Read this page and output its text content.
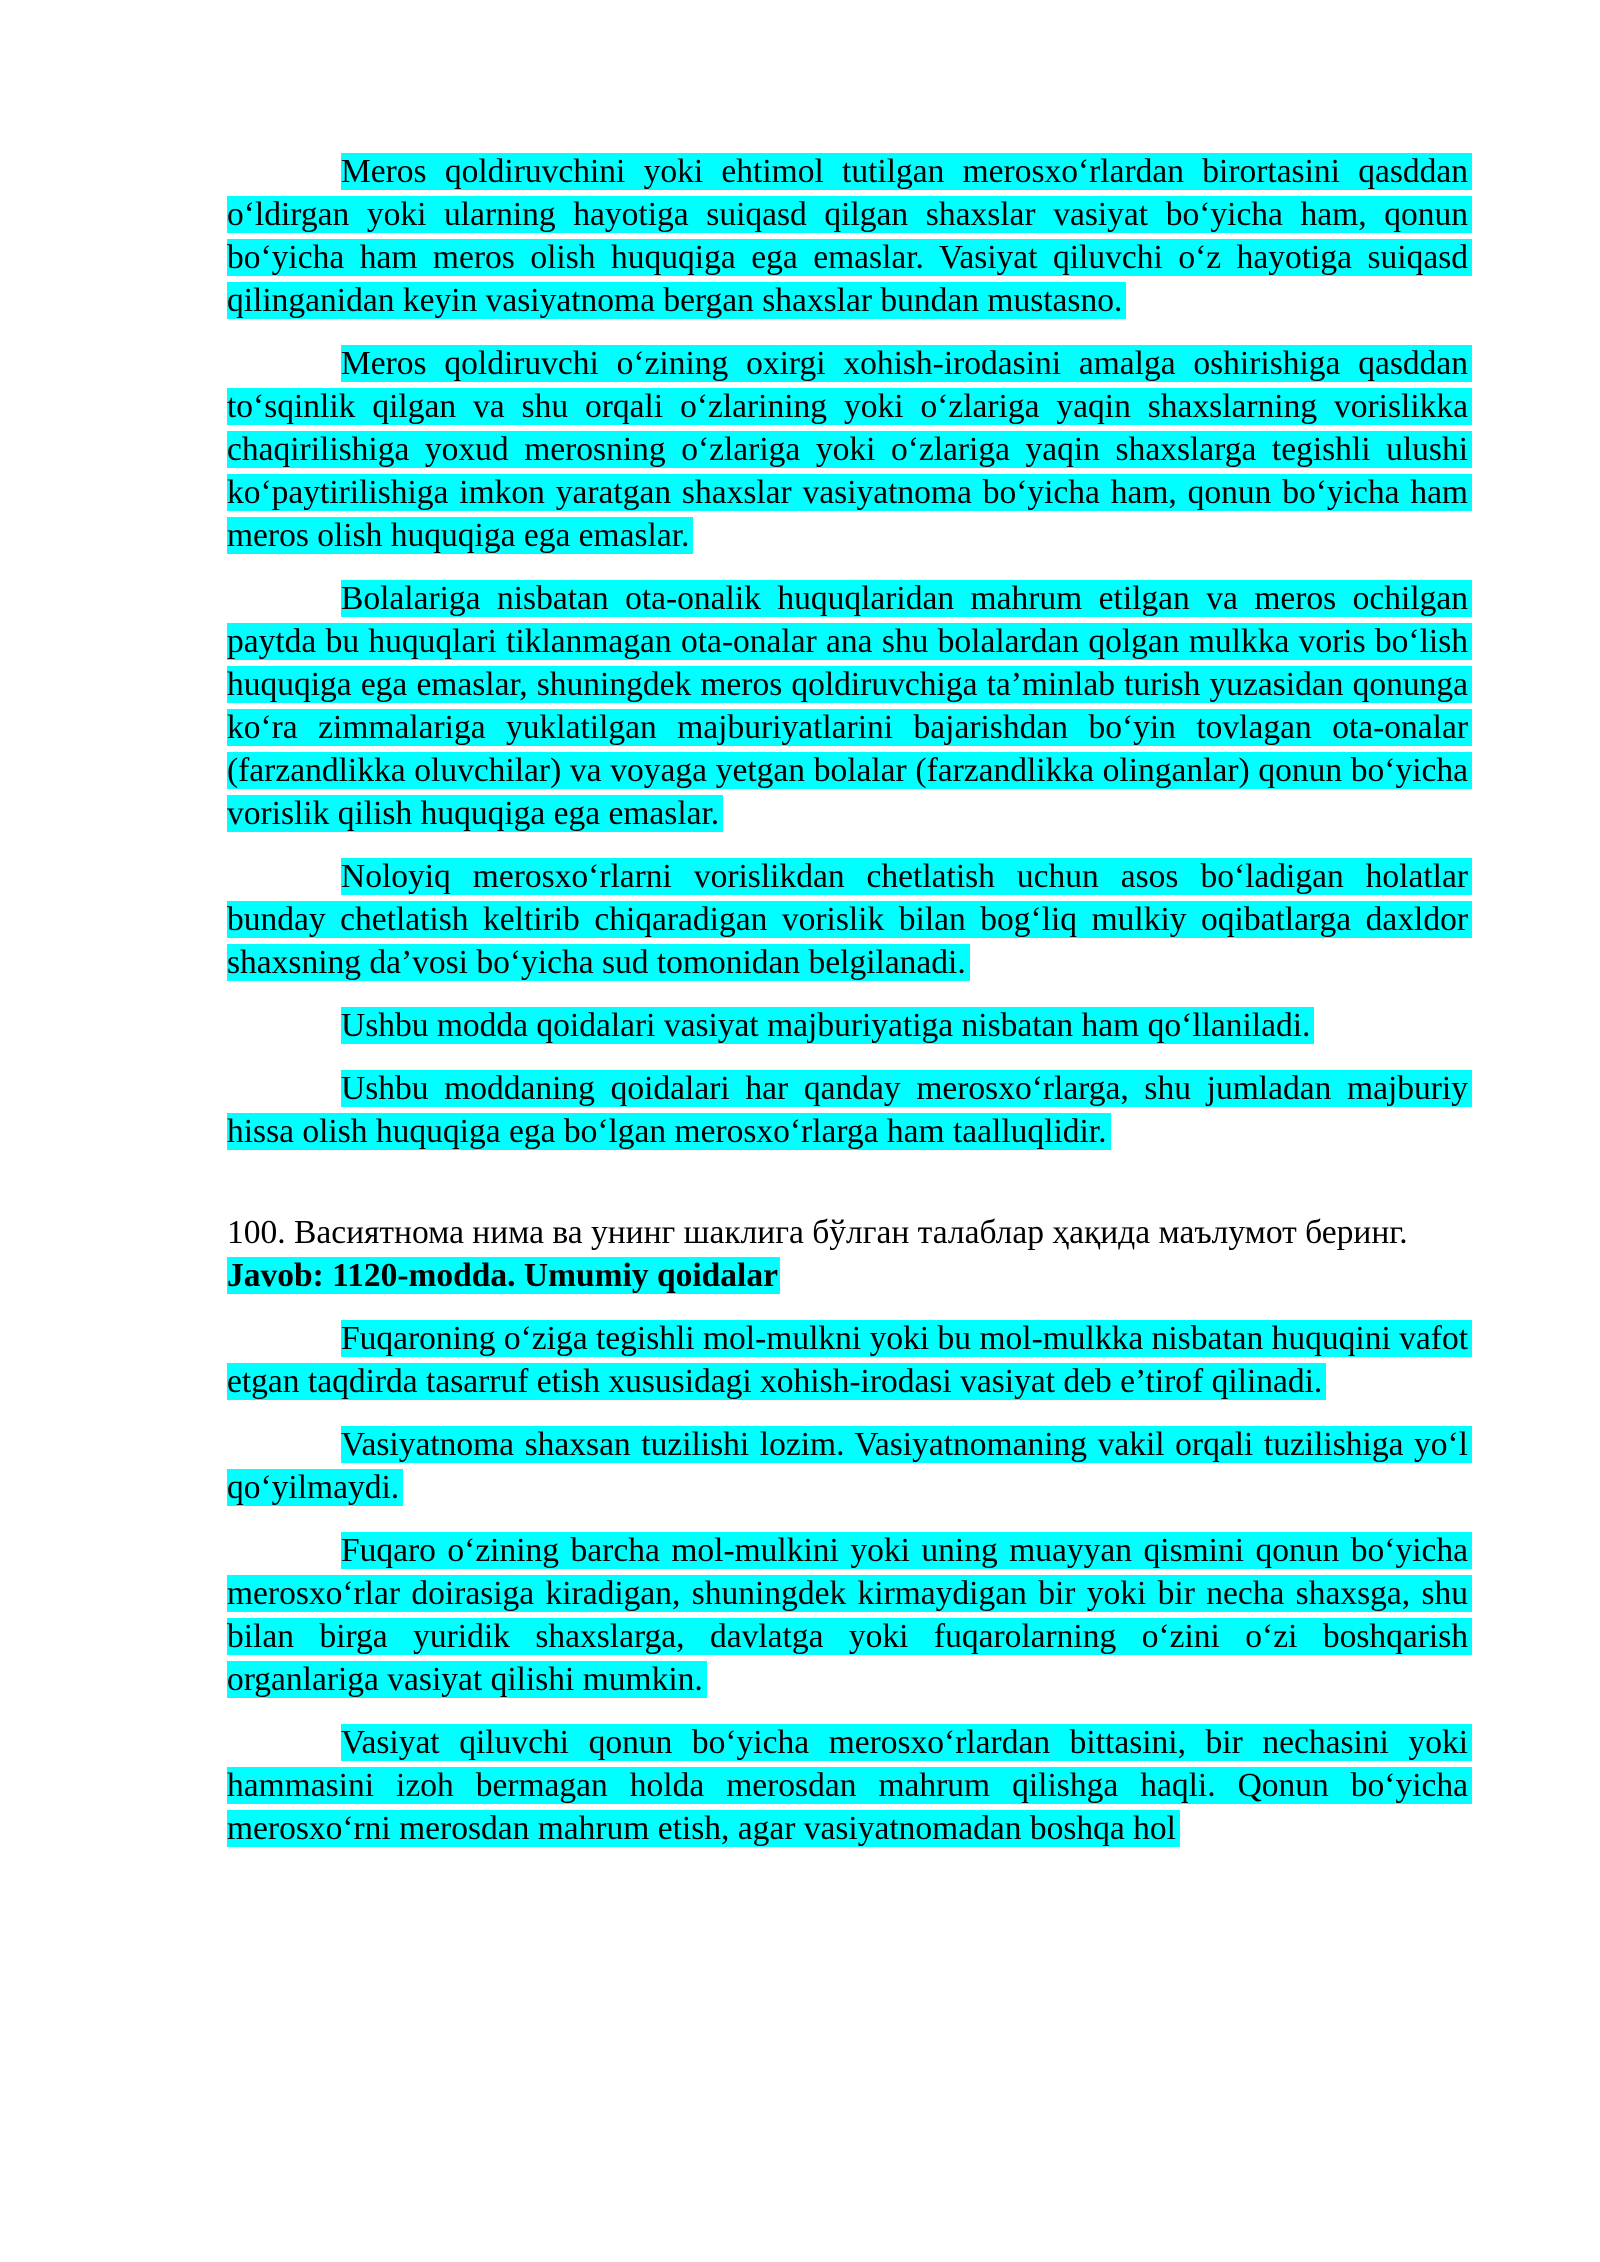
Meros qoldiruvchini yoki ehtimol tutilgan merosxo‘rlardan birortasini qasddan o‘ldirgan yoki ularning hayotiga suiqasd qilgan shaxslar vasiyat bo‘yicha ham, qonun bo‘yicha ham meros olish huquqiga ega emaslar. Vasiyat qiluvchi o‘z hayotiga suiqasd qilinganidan keyin vasiyatnoma bergan shaxslar bundan mustasno.

Meros qoldiruvchi o‘zining oxirgi xohish-irodasini amalga oshirishiga qasddan to‘sqinlik qilgan va shu orqali o‘zlarining yoki o‘zlariga yaqin shaxslarning vorislikka chaqirilishiga yoxud merosning o‘zlariga yoki o‘zlariga yaqin shaxslarga tegishli ulushi ko‘paytirilishiga imkon yaratgan shaxslar vasiyatnoma bo‘yicha ham, qonun bo‘yicha ham meros olish huquqiga ega emaslar.

Bolalariga nisbatan ota-onalik huquqlaridan mahrum etilgan va meros ochilgan paytda bu huquqlari tiklanmagan ota-onalar ana shu bolalardan qolgan mulkka voris bo‘lish huquqiga ega emaslar, shuningdek meros qoldiruvchiga ta’minlab turish yuzasidan qonunga ko‘ra zimmalariga yuklatilgan majburiyatlarini bajarishdan bo‘yin tovlagan ota-onalar (farzandlikka oluvchilar) va voyaga yetgan bolalar (farzandlikka olinganlar) qonun bo‘yicha vorislik qilish huquqiga ega emaslar.

Noloyiq merosxo‘rlarni vorislikdan chetlatish uchun asos bo‘ladigan holatlar bunday chetlatish keltirib chiqaradigan vorislik bilan bog‘liq mulkiy oqibatlarga daxldor shaxsning da’vosi bo‘yicha sud tomonidan belgilanadi.

Ushbu modda qoidalari vasiyat majburiyatiga nisbatan ham qo‘llaniladi.

Ushbu moddaning qoidalari har qanday merosxo‘rlarga, shu jumladan majburiy hissa olish huquqiga ega bo‘lgan merosxo‘rlarga ham taalluqlidir.

100. Васиятнома нима ва унинг шаклига бўлган талаблар ҳақида маълумот беринг.

Javob: 1120-modda. Umumiy qoidalar

Fuqaroning o‘ziga tegishli mol-mulkni yoki bu mol-mulkka nisbatan huquqini vafot etgan taqdirda tasarruf etish xususidagi xohish-irodasi vasiyat deb e’tirof qilinadi.

Vasiyatnoma shaxsan tuzilishi lozim. Vasiyatnomaning vakil orqali tuzilishiga yo‘l qo‘yilmaydi.

Fuqaro o‘zining barcha mol-mulkini yoki uning muayyan qismini qonun bo‘yicha merosxo‘rlar doirasiga kiradigan, shuningdek kirmaydigan bir yoki bir necha shaxsga, shu bilan birga yuridik shaxslarga, davlatga yoki fuqarolarning o‘zini o‘zi boshqarish organlariga vasiyat qilishi mumkin.

Vasiyat qiluvchi qonun bo‘yicha merosxo‘rlardan bittasini, bir nechasini yoki hammasini izoh bermagan holda merosdan mahrum qilishga haqli. Qonun bo‘yicha merosxo‘rni merosdan mahrum etish, agar vasiyatnomadan boshqa hol
